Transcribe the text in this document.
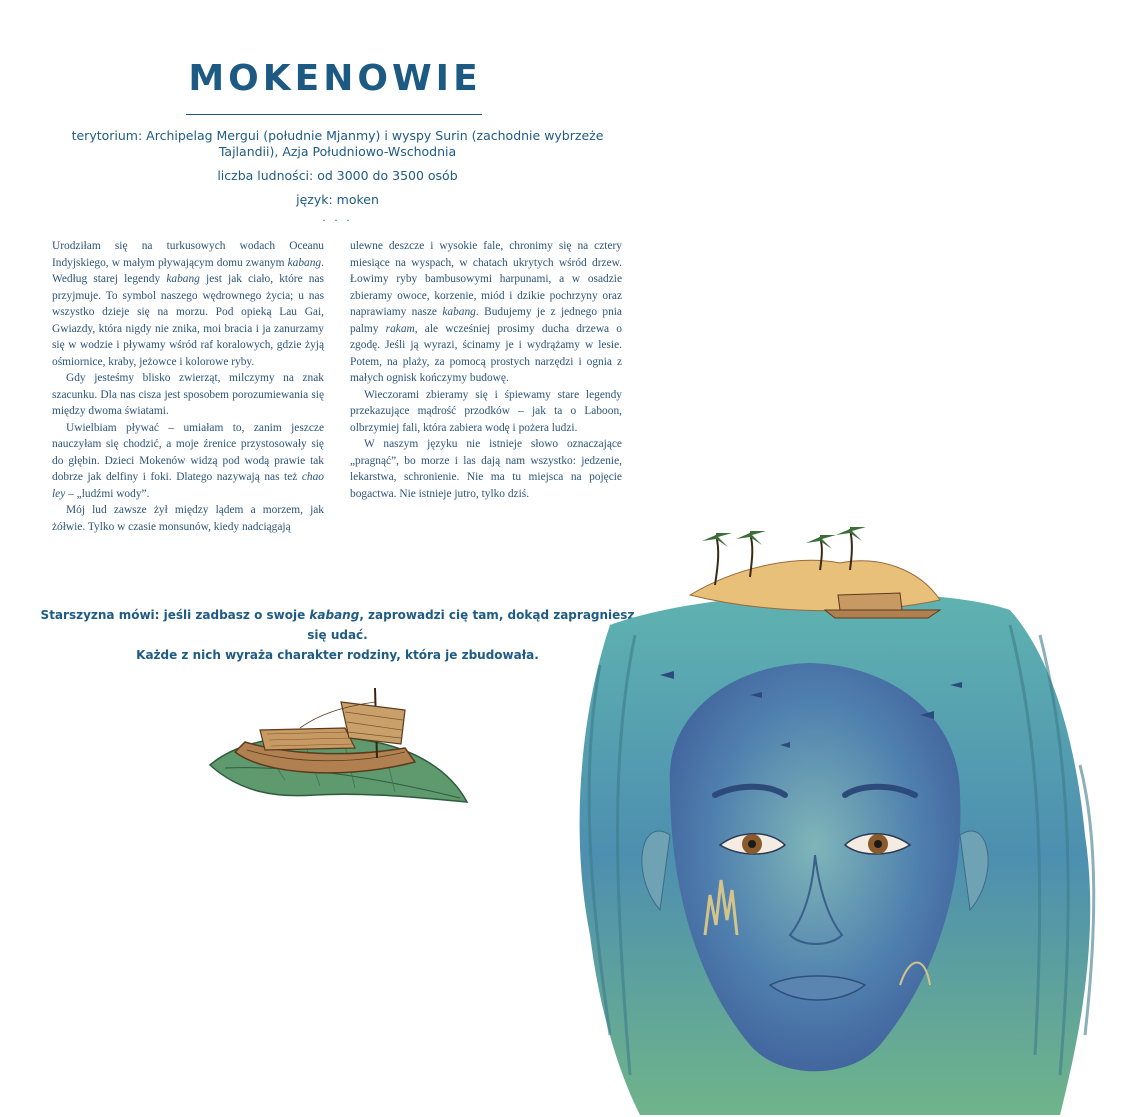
MOKENOWIE

terytorium: Archipelag Mergui (południe Mjanmy) i wyspy Surin (zachodnie wybrzeże

Tajlandii), Azja Południowo-Wschodnia

liczba ludności: od 3000 do 3500 osób

język: moken

. . .

Urodziłam się na turkusowych wodach Oceanu Indyjskiego, w małym pływającym domu zwanym kabang. Według starej legendy kabang jest jak ciało, które nas przyjmuje. To symbol naszego wędrownego życia; u nas wszystko dzieje się na morzu. Pod opieką Lau Gai, Gwiazdy, która nigdy nie znika, moi bracia i ja zanurzamy się w wodzie i pływamy wśród raf koralowych, gdzie żyją ośmiornice, kraby, jeżowce i kolorowe ryby.

Gdy jesteśmy blisko zwierząt, milczymy na znak szacunku. Dla nas cisza jest sposobem porozumiewania się między dwoma światami.

Uwielbiam pływać – umiałam to, zanim jeszcze nauczyłam się chodzić, a moje źrenice przystosowały się do głębin. Dzieci Mokenów widzą pod wodą prawie tak dobrze jak delfiny i foki. Dlatego nazywają nas też chao ley – „ludźmi wody”.

Mój lud zawsze żył między lądem a morzem, jak żółwie. Tylko w czasie monsunów, kiedy nadciągają

ulewne deszcze i wysokie fale, chronimy się na cztery miesiące na wyspach, w chatach ukrytych wśród drzew. Łowimy ryby bambusowymi harpunami, a w osadzie zbieramy owoce, korzenie, miód i dzikie pochrzyny oraz naprawiamy nasze kabang. Budujemy je z jednego pnia palmy rakam, ale wcześniej prosimy ducha drzewa o zgodę. Jeśli ją wyrazi, ścinamy je i wydrążamy w lesie. Potem, na plaży, za pomocą prostych narzędzi i ognia z małych ognisk kończymy budowę.

Wieczorami zbieramy się i śpiewamy stare legendy przekazujące mądrość przodków – jak ta o Laboon, olbrzymiej fali, która zabiera wodę i pożera ludzi.

W naszym języku nie istnieje słowo oznaczające „pragnąć”, bo morze i las dają nam wszystko: jedzenie, lekarstwa, schronienie. Nie ma tu miejsca na pojęcie bogactwa. Nie istnieje jutro, tylko dziś.

Starszyzna mówi: jeśli zadbasz o swoje kabang, zaprowadzi cię tam, dokąd zapragniesz się udać.
Każde z nich wyraża charakter rodziny, która je zbudowała.
